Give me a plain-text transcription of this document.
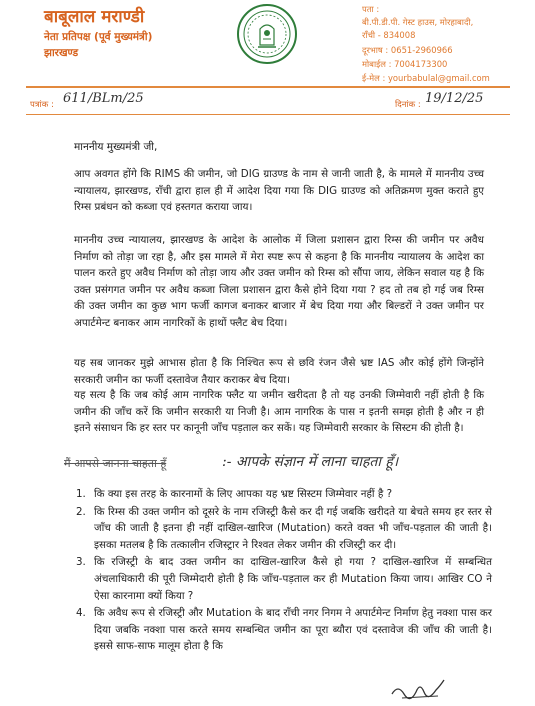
बाबूलाल मराण्डी
नेता प्रतिपक्ष (पूर्व मुख्यमंत्री)
झारखण्ड
पता :
बी.पी.डी.पी. गेस्ट हाउस, मोरहाबादी,
राँची - 834008
दूरभाष : 0651-2960966
मोबाईल : 7004173300
ई-मेल : yourbabulal@gmail.com
पत्रांक : 611/BLm/25	दिनांक : 19/12/25
माननीय मुख्यमंत्री जी,
आप अवगत होंगे कि RIMS की जमीन, जो DIG ग्राउण्ड के नाम से जानी जाती है, के मामले में माननीय उच्च न्यायालय, झारखण्ड, राँची द्वारा हाल ही में आदेश दिया गया कि DIG ग्राउण्ड को अतिक्रमण मुक्त कराते हुए रिम्स प्रबंधन को कब्जा एवं हस्तगत कराया जाय।
माननीय उच्च न्यायालय, झारखण्ड के आदेश के आलोक में जिला प्रशासन द्वारा रिम्स की जमीन पर अवैध निर्माण को तोड़ा जा रहा है, और इस मामले में मेरा स्पष्ट रूप से कहना है कि माननीय न्यायालय के आदेश का पालन करते हुए अवैध निर्माण को तोड़ा जाय और उक्त जमीन को रिम्स को सौंपा जाय, लेकिन सवाल यह है कि उक्त प्रसंगगत जमीन पर अवैध कब्जा जिला प्रशासन द्वारा कैसे होने दिया गया ? हद तो तब हो गई जब रिम्स की उक्त जमीन का कुछ भाग फर्जी कागज बनाकर बाजार में बेच दिया गया और बिल्डरों ने उक्त जमीन पर अपार्टमेन्ट बनाकर आम नागरिकों के हाथों फ्लैट बेच दिया।
यह सब जानकर मुझे आभास होता है कि निश्चित रूप से छवि रंजन जैसे भ्रष्ट IAS और कोई होंगे जिन्होंने सरकारी जमीन का फर्जी दस्तावेज तैयार कराकर बेच दिया।
यह सत्य है कि जब कोई आम नागरिक फ्लैट या जमीन खरीदता है तो यह उनकी जिम्मेवारी नहीं होती है कि जमीन की जाँच करें कि जमीन सरकारी या निजी है। आम नागरिक के पास न इतनी समझ होती है और न ही इतने संसाधन कि हर स्तर पर कानूनी जाँच पड़ताल कर सकें। यह जिम्मेवारी सरकार के सिस्टम की होती है।
मैं आपसे जानना चाहता हूँ	:- आपके संज्ञान में लाना चाहता हूँ।
1. कि क्या इस तरह के कारनामों के लिए आपका यह भ्रष्ट सिस्टम जिम्मेवार नहीं है ?
2. कि रिम्स की उक्त जमीन को दूसरे के नाम रजिस्ट्री कैसे कर दी गई जबकि खरीदते या बेचते समय हर स्तर से जाँच की जाती है इतना ही नहीं दाखिल-खारिज (Mutation) करते वक्त भी जाँच-पड़ताल की जाती है। इसका मतलब है कि तत्कालीन रजिस्ट्रार ने रिश्वत लेकर जमीन की रजिस्ट्री कर दी।
3. कि रजिस्ट्री के बाद उक्त जमीन का दाखिल-खारिज कैसे हो गया ? दाखिल-खारिज में सम्बन्धित अंचलाधिकारी की पूरी जिम्मेदारी होती है कि जाँच-पड़ताल कर ही Mutation किया जाय। आखिर CO ने ऐसा कारनामा क्यों किया ?
4. कि अवैध रूप से रजिस्ट्री और Mutation के बाद राँची नगर निगम ने अपार्टमेन्ट निर्माण हेतु नक्शा पास कर दिया जबकि नक्शा पास करते समय सम्बन्धित जमीन का पूरा ब्यौरा एवं दस्तावेज की जाँच की जाती है। इससे साफ-साफ मालूम होता है कि
